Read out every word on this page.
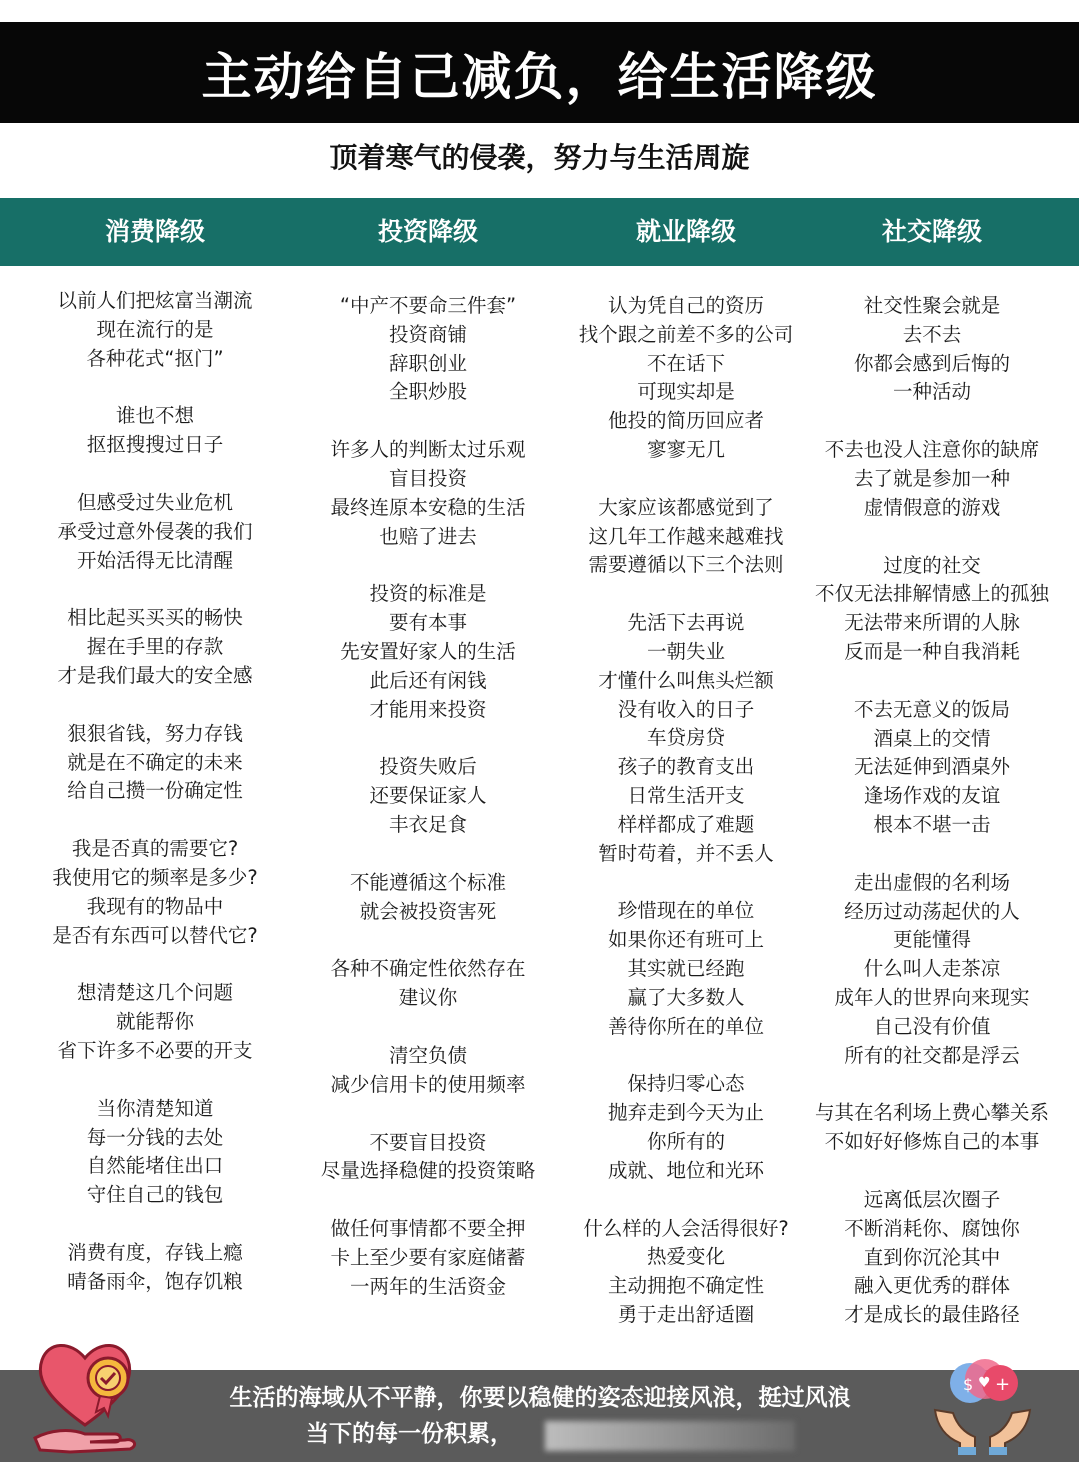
主动给自己减负，给生活降级
顶着寒气的侵袭，努力与生活周旋
消费降级	投资降级	就业降级	社交降级
以前人们把炫富当潮流
现在流行的是
各种花式“抠门”
谁也不想
抠抠搜搜过日子
但感受过失业危机
承受过意外侵袭的我们
开始活得无比清醒
相比起买买买的畅快
握在手里的存款
才是我们最大的安全感
狠狠省钱，努力存钱
就是在不确定的未来
给自己攒一份确定性
我是否真的需要它?
我使用它的频率是多少?
我现有的物品中
是否有东西可以替代它?
想清楚这几个问题
就能帮你
省下许多不必要的开支
当你清楚知道
每一分钱的去处
自然能堵住出口
守住自己的钱包
消费有度，存钱上瘾
晴备雨伞，饱存饥粮
“中产不要命三件套”
投资商铺
辞职创业
全职炒股
许多人的判断太过乐观
盲目投资
最终连原本安稳的生活
也赔了进去
投资的标准是
要有本事
先安置好家人的生活
此后还有闲钱
才能用来投资
投资失败后
还要保证家人
丰衣足食
不能遵循这个标准
就会被投资害死
各种不确定性依然存在
建议你
清空负债
减少信用卡的使用频率
不要盲目投资
尽量选择稳健的投资策略
做任何事情都不要全押
卡上至少要有家庭储蓄
一两年的生活资金
认为凭自己的资历
找个跟之前差不多的公司
不在话下
可现实却是
他投的简历回应者
寥寥无几
大家应该都感觉到了
这几年工作越来越难找
需要遵循以下三个法则
先活下去再说
一朝失业
才懂什么叫焦头烂额
没有收入的日子
车贷房贷
孩子的教育支出
日常生活开支
样样都成了难题
暂时苟着，并不丢人
珍惜现在的单位
如果你还有班可上
其实就已经跑
赢了大多数人
善待你所在的单位
保持归零心态
抛弃走到今天为止
你所有的
成就、地位和光环
什么样的人会活得很好?
热爱变化
主动拥抱不确定性
勇于走出舒适圈
社交性聚会就是
去不去
你都会感到后悔的
一种活动
不去也没人注意你的缺席
去了就是参加一种
虚情假意的游戏
过度的社交
不仅无法排解情感上的孤独
无法带来所谓的人脉
反而是一种自我消耗
不去无意义的饭局
酒桌上的交情
无法延伸到酒桌外
逢场作戏的友谊
根本不堪一击
走出虚假的名利场
经历过动荡起伏的人
更能懂得
什么叫人走茶凉
成年人的世界向来现实
自己没有价值
所有的社交都是浮云
与其在名利场上费心攀关系
不如好好修炼自己的本事
远离低层次圈子
不断消耗你、腐蚀你
直到你沉沦其中
融入更优秀的群体
才是成长的最佳路径
生活的海域从不平静，你要以稳健的姿态迎接风浪，挺过风浪
当下的每一份积累，
$ ♥ +
